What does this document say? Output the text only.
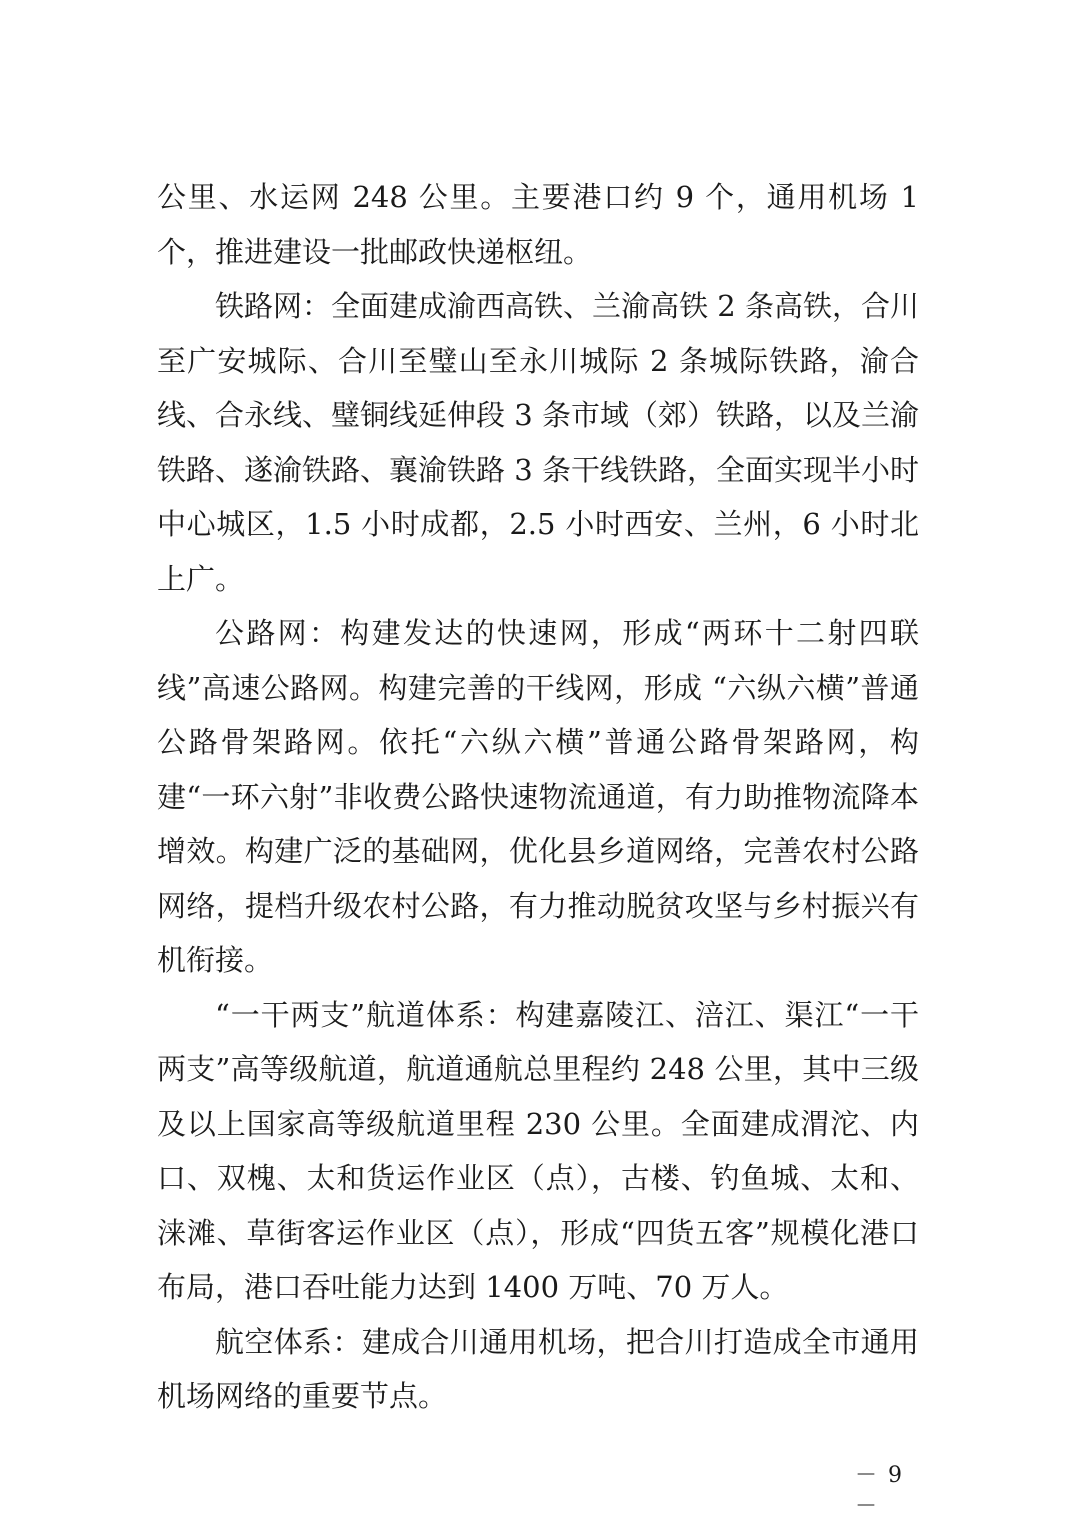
公里、水运网 248 公里。主要港口约 9 个，通用机场 1 个，推进建设一批邮政快递枢纽。

铁路网：全面建成渝西高铁、兰渝高铁 2 条高铁，合川至广安城际、合川至璧山至永川城际 2 条城际铁路，渝合线、合永线、璧铜线延伸段 3 条市域（郊）铁路，以及兰渝铁路、遂渝铁路、襄渝铁路 3 条干线铁路，全面实现半小时中心城区，1.5 小时成都，2.5 小时西安、兰州，6 小时北上广。

公路网：构建发达的快速网，形成“两环十二射四联线”高速公路网。构建完善的干线网，形成 “六纵六横”普通公路骨架路网。依托“六纵六横”普通公路骨架路网，构建“一环六射”非收费公路快速物流通道，有力助推物流降本增效。构建广泛的基础网，优化县乡道网络，完善农村公路网络，提档升级农村公路，有力推动脱贫攻坚与乡村振兴有机衔接。

“一干两支”航道体系：构建嘉陵江、涪江、渠江“一干两支”高等级航道，航道通航总里程约 248 公里，其中三级及以上国家高等级航道里程 230 公里。全面建成渭沱、内口、双槐、太和货运作业区（点），古楼、钓鱼城、太和、涞滩、草街客运作业区（点），形成“四货五客”规模化港口布局，港口吞吐能力达到 1400 万吨、70 万人。

航空体系：建成合川通用机场，把合川打造成全市通用机场网络的重要节点。

－ 9 －
